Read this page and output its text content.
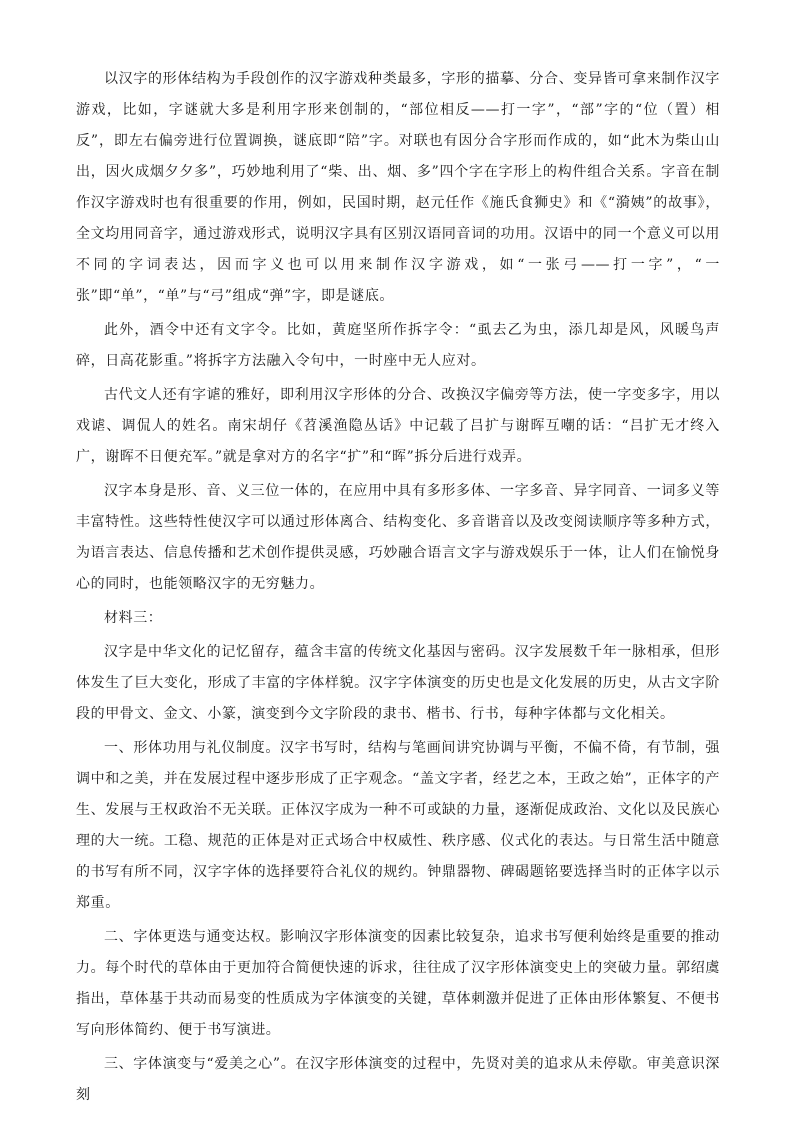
以汉字的形体结构为手段创作的汉字游戏种类最多，字形的描摹、分合、变异皆可拿来制作汉字游戏，比如，字谜就大多是利用字形来创制的，“部位相反——打一字”，“部”字的“位（置）相反”，即左右偏旁进行位置调换，谜底即“陪”字。对联也有因分合字形而作成的，如“此木为柴山山出，因火成烟夕夕多”，巧妙地利用了“柴、出、烟、多”四个字在字形上的构件组合关系。字音在制作汉字游戏时也有很重要的作用，例如，民国时期，赵元任作《施氏食狮史》和《“漪姨”的故事》，全文均用同音字，通过游戏形式，说明汉字具有区别汉语同音词的功用。汉语中的同一个意义可以用不同的字词表达，因而字义也可以用来制作汉字游戏，如“一张弓——打一字”，“一张”即“单”，“单”与“弓”组成“弹”字，即是谜底。

此外，酒令中还有文字令。比如，黄庭坚所作拆字令：“虱去乙为虫，添几却是风，风暖鸟声碎，日高花影重。”将拆字方法融入令句中，一时座中无人应对。

古代文人还有字谑的雅好，即利用汉字形体的分合、改换汉字偏旁等方法，使一字变多字，用以戏谑、调侃人的姓名。南宋胡仔《苕溪渔隐丛话》中记载了吕扩与谢晖互嘲的话：“吕扩无才终入广，谢晖不日便充军。”就是拿对方的名字“扩”和“晖”拆分后进行戏弄。

汉字本身是形、音、义三位一体的，在应用中具有多形多体、一字多音、异字同音、一词多义等丰富特性。这些特性使汉字可以通过形体离合、结构变化、多音谐音以及改变阅读顺序等多种方式，为语言表达、信息传播和艺术创作提供灵感，巧妙融合语言文字与游戏娱乐于一体，让人们在愉悦身心的同时，也能领略汉字的无穷魅力。

材料三：

汉字是中华文化的记忆留存，蕴含丰富的传统文化基因与密码。汉字发展数千年一脉相承，但形体发生了巨大变化，形成了丰富的字体样貌。汉字字体演变的历史也是文化发展的历史，从古文字阶段的甲骨文、金文、小篆，演变到今文字阶段的隶书、楷书、行书，每种字体都与文化相关。

一、形体功用与礼仪制度。汉字书写时，结构与笔画间讲究协调与平衡，不偏不倚，有节制，强调中和之美，并在发展过程中逐步形成了正字观念。“盖文字者，经艺之本，王政之始”，正体字的产生、发展与王权政治不无关联。正体汉字成为一种不可或缺的力量，逐渐促成政治、文化以及民族心理的大一统。工稳、规范的正体是对正式场合中权威性、秩序感、仪式化的表达。与日常生活中随意的书写有所不同，汉字字体的选择要符合礼仪的规约。钟鼎器物、碑碣题铭要选择当时的正体字以示郑重。

二、字体更迭与通变达权。影响汉字形体演变的因素比较复杂，追求书写便利始终是重要的推动力。每个时代的草体由于更加符合简便快速的诉求，往往成了汉字形体演变史上的突破力量。郭绍虞指出，草体基于共动而易变的性质成为字体演变的关键，草体刺激并促进了正体由形体繁复、不便书写向形体简约、便于书写演进。

三、字体演变与“爱美之心”。在汉字形体演变的过程中，先贤对美的追求从未停歇。审美意识深刻
